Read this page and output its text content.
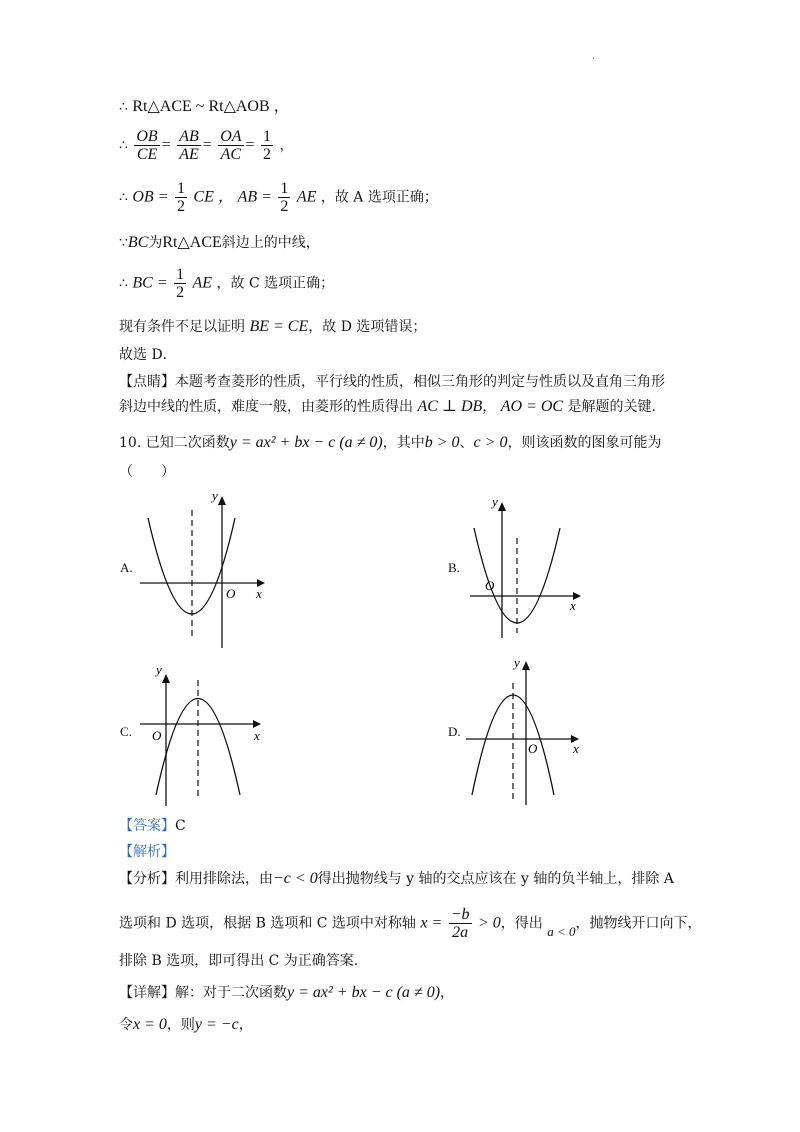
·
∴ Rt△ACE ~ Rt△AOB ，
∴ $\frac{OB}{CE} = \frac{AB}{AE} = \frac{OA}{AC} = \frac{1}{2}$ ，
∴ OB = $\frac{1}{2}$ CE ， AB = $\frac{1}{2}$ AE ，故 A 选项正确；
∵BC为Rt△ACE斜边上的中线，
∴ BC = $\frac{1}{2}$ AE ，故 C 选项正确；
现有条件不足以证明 BE = CE，故 D 选项错误；
故选 D．
【点睛】本题考查菱形的性质，平行线的性质，相似三角形的判定与性质以及直角三角形
斜边中线的性质，难度一般，由菱形的性质得出 AC ⊥ DB， AO = OC 是解题的关键.
10. 已知二次函数y = ax² + bx − c (a ≠ 0)，其中b > 0、c > 0，则该函数的图象可能为
（　　）
A.	B.
C.	D.
y
O x
y
O
x
y
O	x
y
O	x
【答案】C
【解析】
【分析】利用排除法，由−c < 0得出抛物线与 y 轴的交点应该在 y 轴的负半轴上，排除 A
选项和 D 选项，根据 B 选项和 C 选项中对称轴 $x = \frac{-b}{2a} > 0$，得出 a < 0，抛物线开口向下，
排除 B 选项，即可得出 C 为正确答案.
【详解】解：对于二次函数y = ax² + bx − c (a ≠ 0)，
令x = 0，则y = −c，
